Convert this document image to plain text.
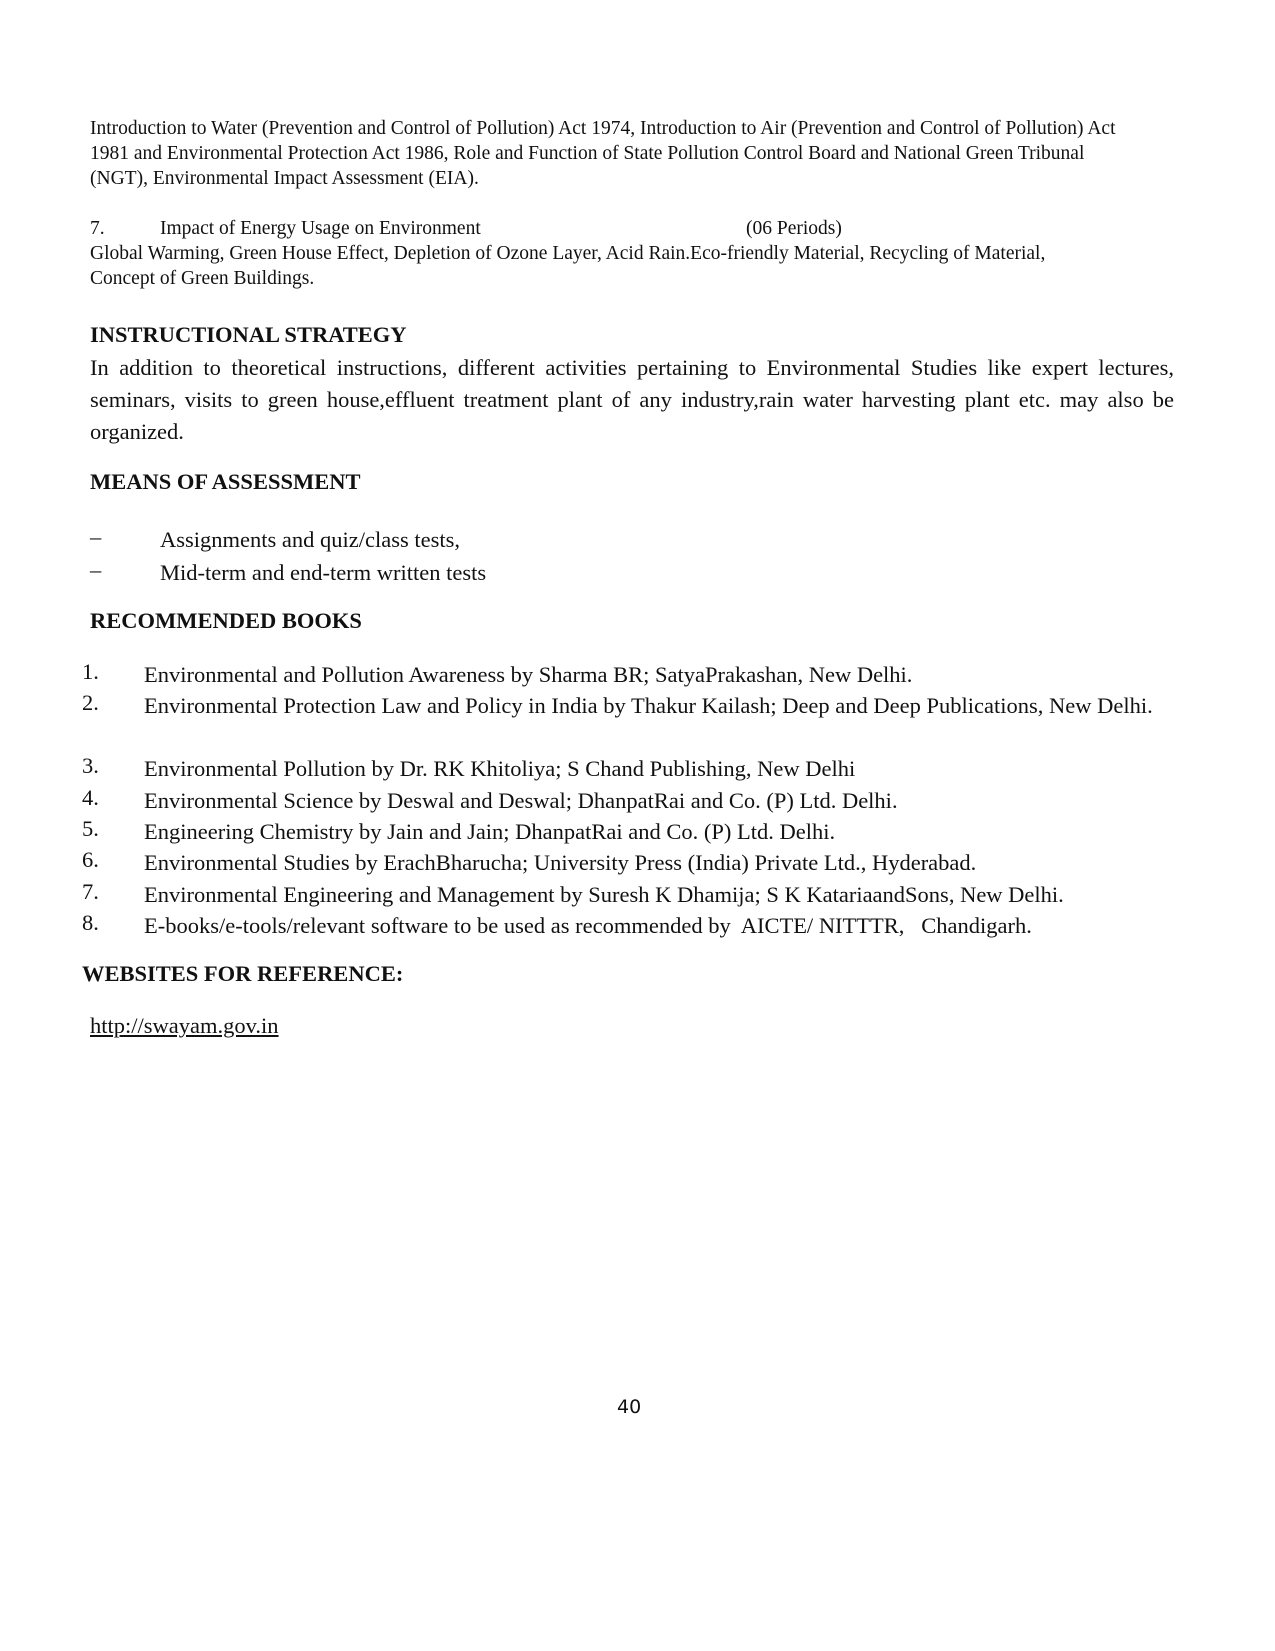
Introduction to Water (Prevention and Control of Pollution) Act 1974, Introduction to Air (Prevention and Control of Pollution) Act 1981 and Environmental Protection Act 1986, Role and Function of State Pollution Control Board and National Green Tribunal (NGT), Environmental Impact Assessment (EIA).
7.	Impact of Energy Usage on Environment	(06 Periods)
Global Warming, Green House Effect, Depletion of Ozone Layer, Acid Rain.Eco-friendly Material, Recycling of Material, Concept of Green Buildings.
INSTRUCTIONAL STRATEGY
In addition to theoretical instructions, different activities pertaining to Environmental Studies like expert lectures, seminars, visits to green house,effluent treatment plant of any industry,rain water harvesting plant etc. may also be organized.
MEANS OF ASSESSMENT
–	Assignments and quiz/class tests,
–	Mid-term and end-term written tests
RECOMMENDED BOOKS
1. Environmental and Pollution Awareness by Sharma BR; SatyaPrakashan, New Delhi.
2. Environmental Protection Law and Policy in India by Thakur Kailash; Deep and Deep Publications, New Delhi.
3. Environmental Pollution by Dr. RK Khitoliya; S Chand Publishing, New Delhi
4. Environmental Science by Deswal and Deswal; DhanpatRai and Co. (P) Ltd. Delhi.
5. Engineering Chemistry by Jain and Jain; DhanpatRai and Co. (P) Ltd. Delhi.
6. Environmental Studies by ErachBharucha; University Press (India) Private Ltd., Hyderabad.
7. Environmental Engineering and Management by Suresh K Dhamija; S K KatariaandSons, New Delhi.
8. E-books/e-tools/relevant software to be used as recommended by  AICTE/ NITTTR,   Chandigarh.
WEBSITES FOR REFERENCE:
http://swayam.gov.in
40
